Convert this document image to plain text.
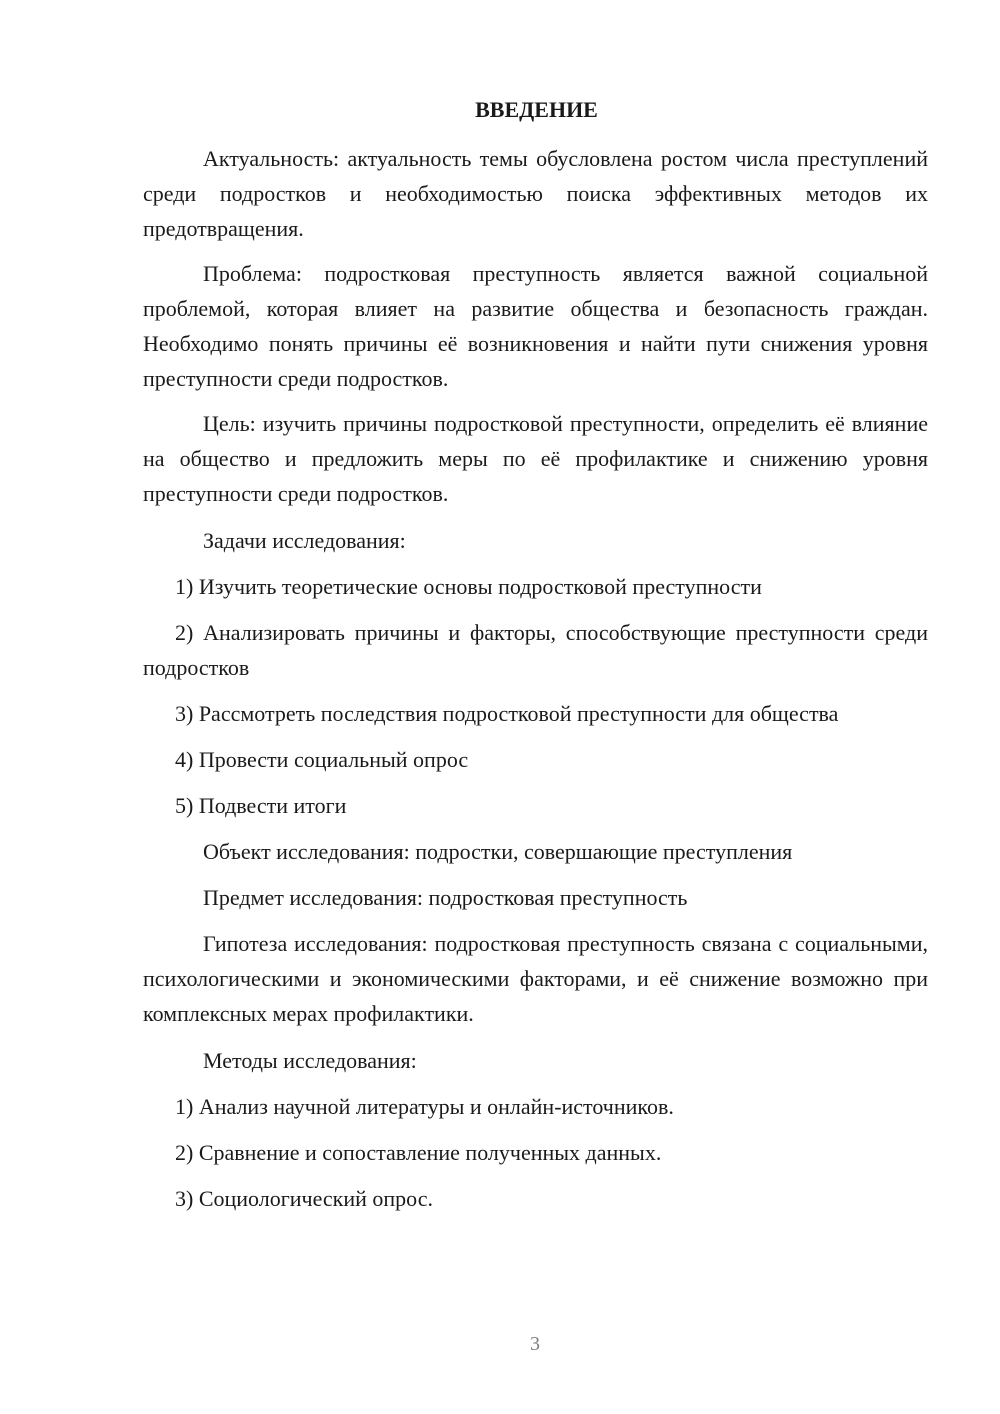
ВВЕДЕНИЕ

Актуальность: актуальность темы обусловлена ростом числа преступлений среди подростков и необходимостью поиска эффективных методов их предотвращения.

Проблема: подростковая преступность является важной социальной проблемой, которая влияет на развитие общества и безопасность граждан. Необходимо понять причины её возникновения и найти пути снижения уровня преступности среди подростков.

Цель: изучить причины подростковой преступности, определить её влияние на общество и предложить меры по её профилактике и снижению уровня преступности среди подростков.

Задачи исследования:

1) Изучить теоретические основы подростковой преступности

2) Анализировать причины и факторы, способствующие преступности среди подростков

3) Рассмотреть последствия подростковой преступности для общества

4) Провести социальный опрос

5) Подвести итоги

Объект исследования: подростки, совершающие преступления

Предмет исследования: подростковая преступность

Гипотеза исследования: подростковая преступность связана с социальными, психологическими и экономическими факторами, и её снижение возможно при комплексных мерах профилактики.

Методы исследования:

1) Анализ научной литературы и онлайн-источников.

2) Сравнение и сопоставление полученных данных.

3) Социологический опрос.

3
